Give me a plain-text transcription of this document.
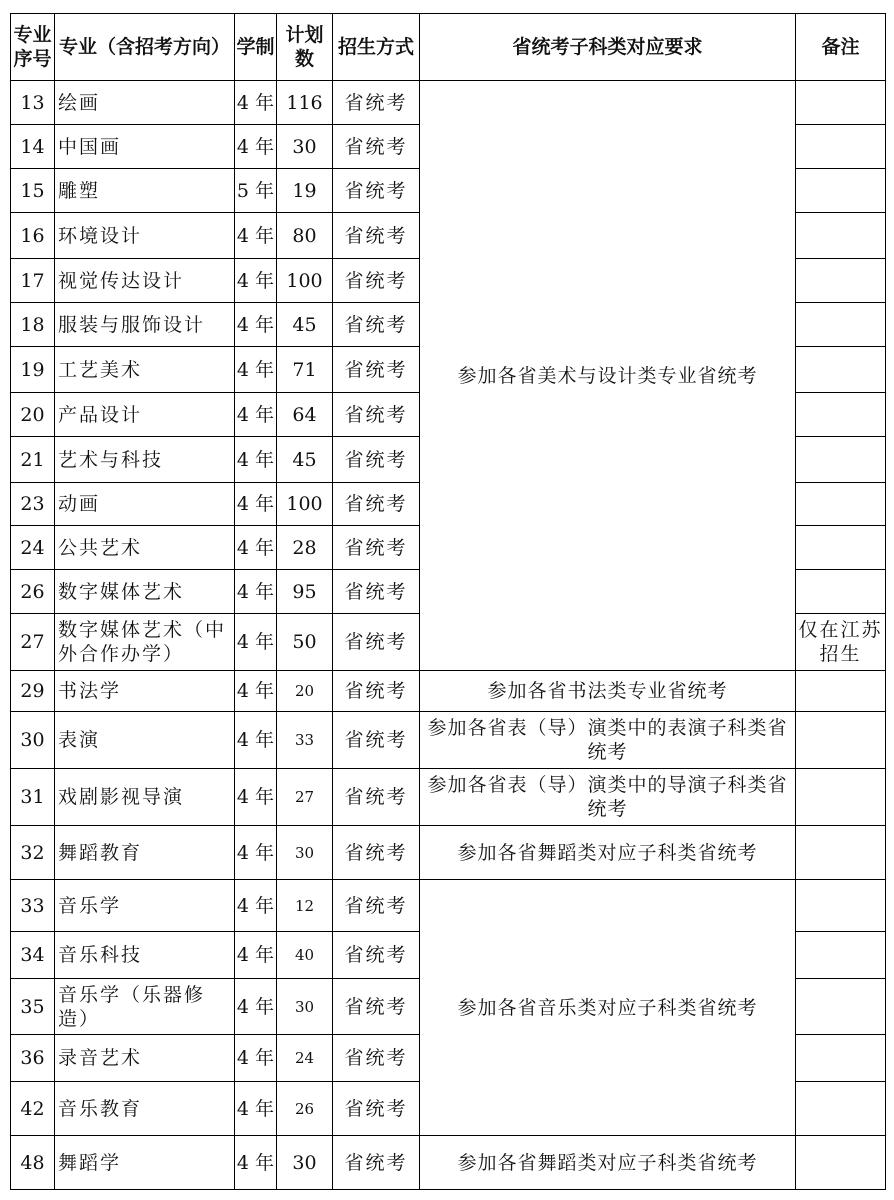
专业序号	专业（含招考方向）	学制	计划数	招生方式	省统考子科类对应要求	备注
13	绘画	4 年	116	省统考	参加各省美术与设计类专业省统考	
14	中国画	4 年	30	省统考		
15	雕塑	5 年	19	省统考		
16	环境设计	4 年	80	省统考		
17	视觉传达设计	4 年	100	省统考		
18	服装与服饰设计	4 年	45	省统考		
19	工艺美术	4 年	71	省统考		
20	产品设计	4 年	64	省统考		
21	艺术与科技	4 年	45	省统考		
23	动画	4 年	100	省统考		
24	公共艺术	4 年	28	省统考		
26	数字媒体艺术	4 年	95	省统考		
27	数字媒体艺术（中外合作办学）	4 年	50	省统考		仅在江苏招生
29	书法学	4 年	20	省统考	参加各省书法类专业省统考	
30	表演	4 年	33	省统考	参加各省表（导）演类中的表演子科类省统考	
31	戏剧影视导演	4 年	27	省统考	参加各省表（导）演类中的导演子科类省统考	
32	舞蹈教育	4 年	30	省统考	参加各省舞蹈类对应子科类省统考	
33	音乐学	4 年	12	省统考	参加各省音乐类对应子科类省统考	
34	音乐科技	4 年	40	省统考		
35	音乐学（乐器修造）	4 年	30	省统考		
36	录音艺术	4 年	24	省统考		
42	音乐教育	4 年	26	省统考		
48	舞蹈学	4 年	30	省统考	参加各省舞蹈类对应子科类省统考	
